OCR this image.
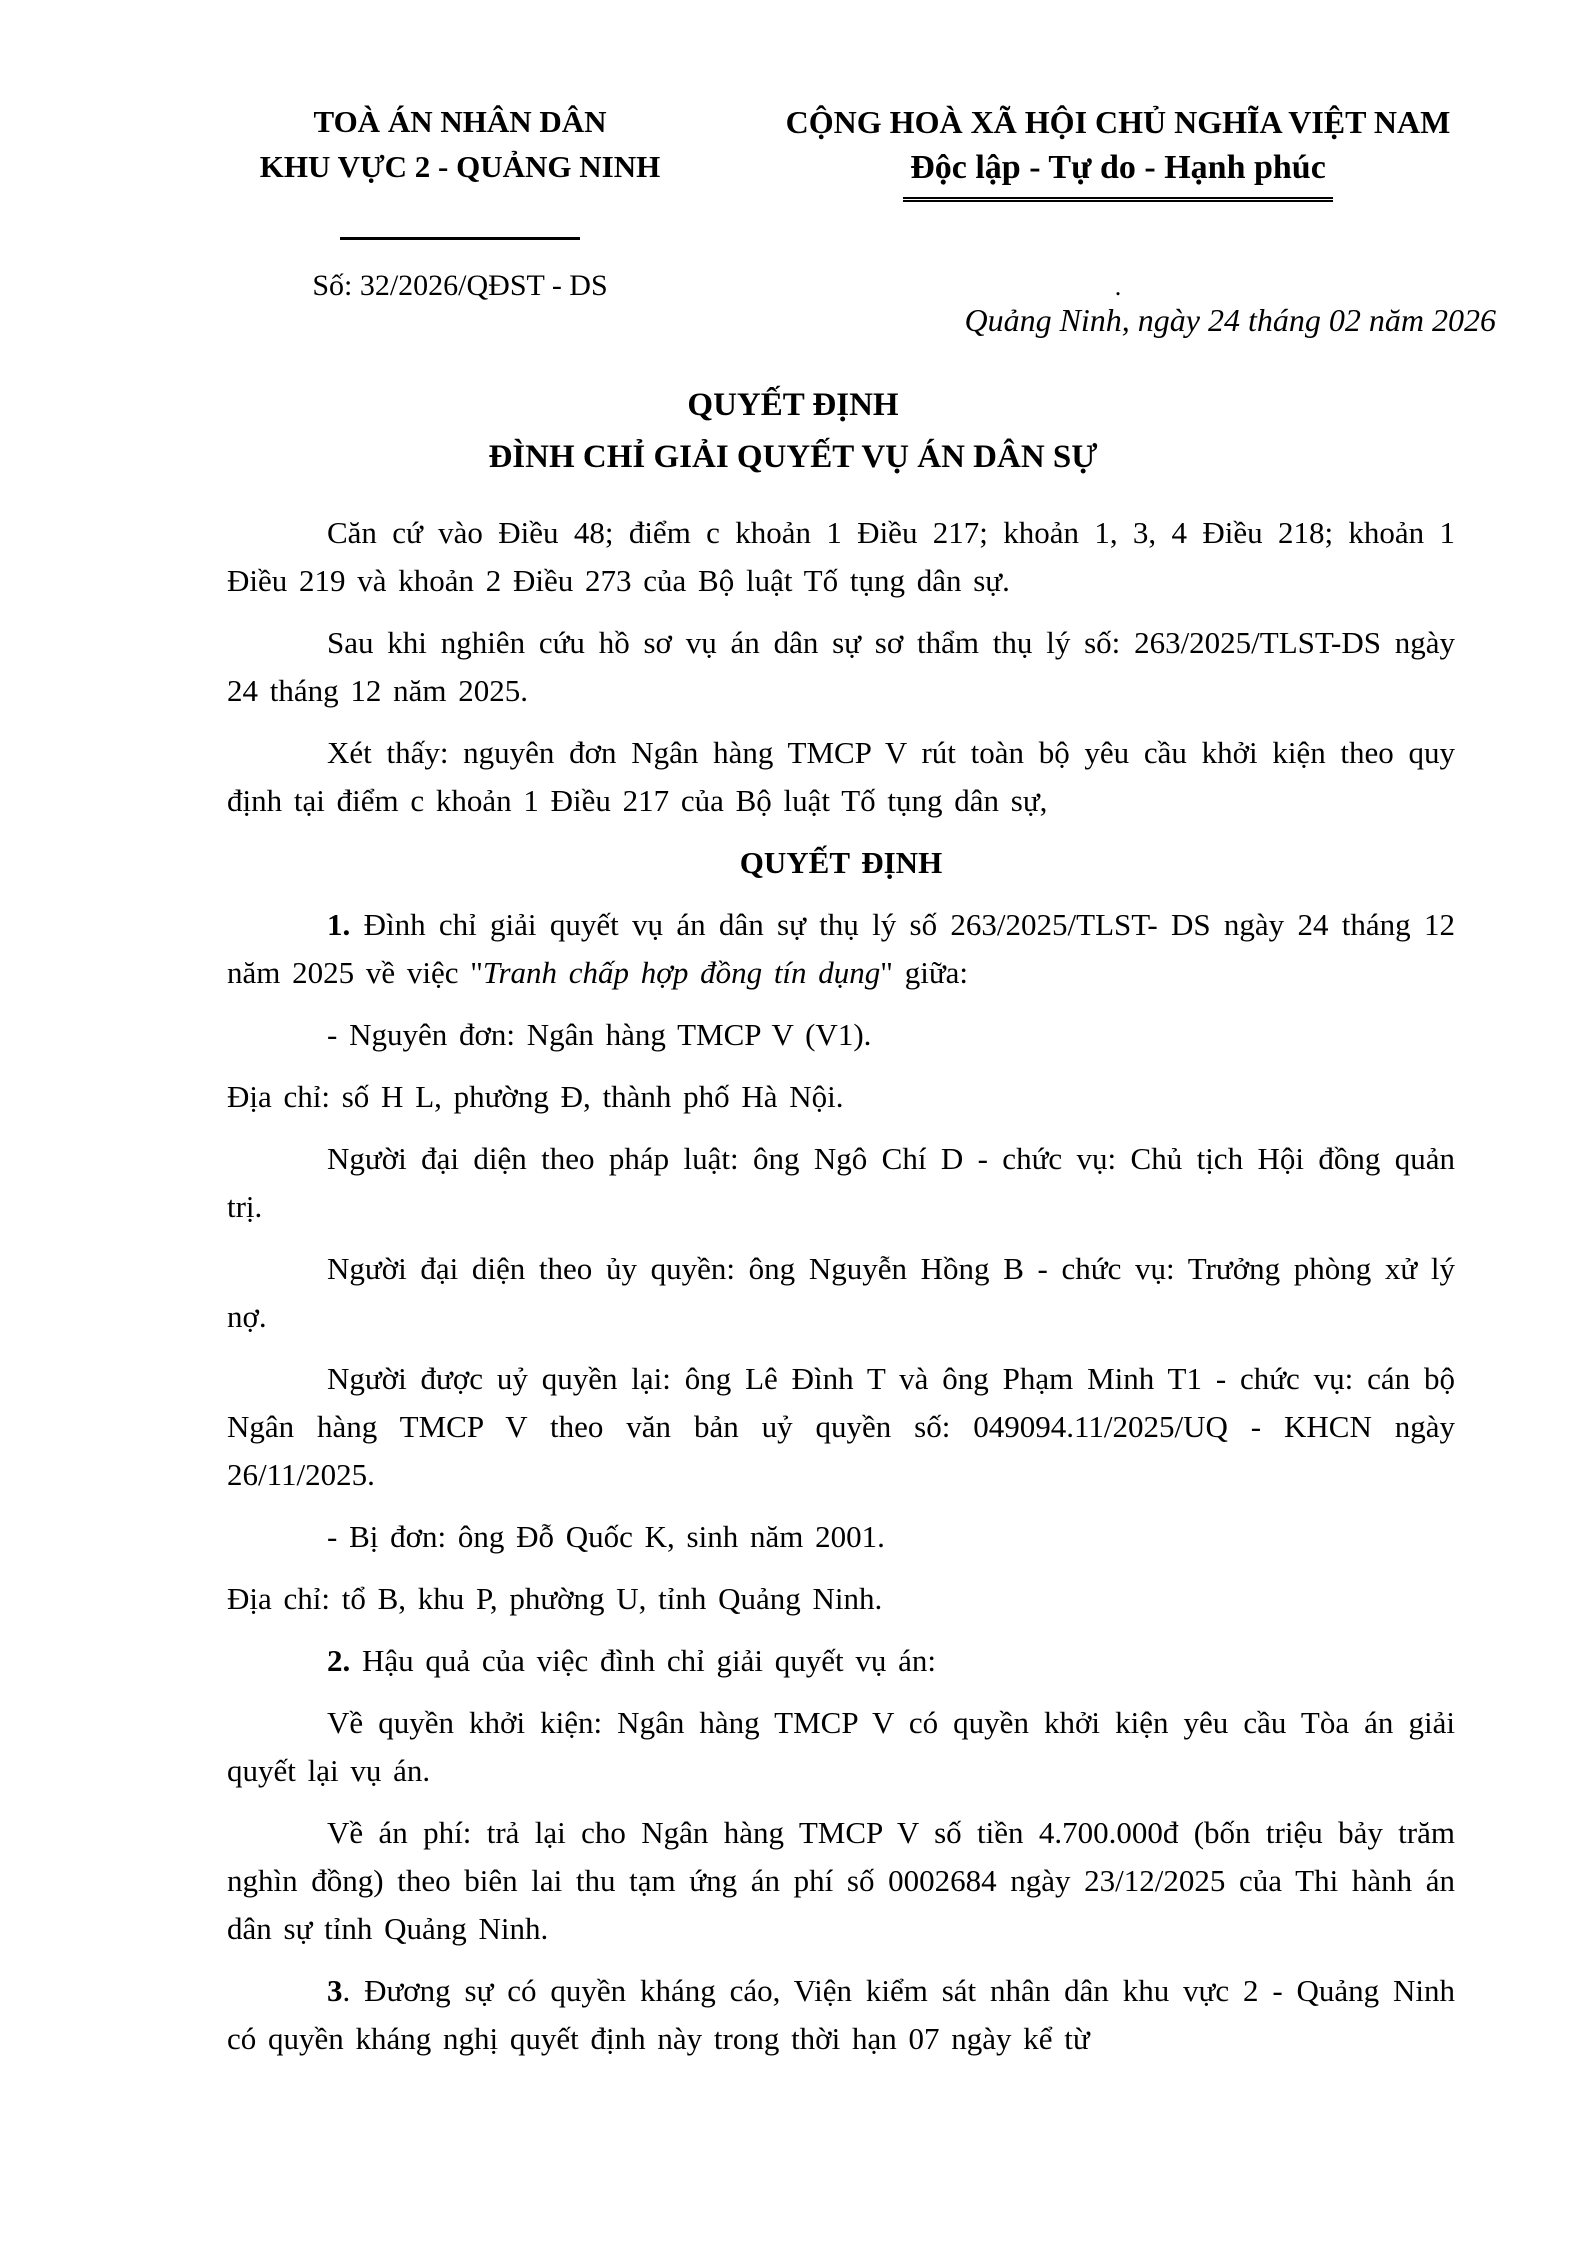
TOÀ ÁN NHÂN DÂN
KHU VỰC 2 - QUẢNG NINH
Số: 32/2026/QĐST - DS
CỘNG HOÀ XÃ HỘI CHỦ NGHĨA VIỆT NAM
Độc lập - Tự do - Hạnh phúc
.
Quảng Ninh, ngày 24 tháng 02 năm 2026
QUYẾT ĐỊNH
ĐÌNH CHỈ GIẢI QUYẾT VỤ ÁN DÂN SỰ

Căn cứ vào Điều 48; điểm c khoản 1 Điều 217; khoản 1, 3, 4 Điều 218; khoản 1 Điều 219 và khoản 2 Điều 273 của Bộ luật Tố tụng dân sự.

Sau khi nghiên cứu hồ sơ vụ án dân sự sơ thẩm thụ lý số: 263/2025/TLST-DS ngày 24 tháng 12 năm 2025.

Xét thấy: nguyên đơn Ngân hàng TMCP V rút toàn bộ yêu cầu khởi kiện theo quy định tại điểm c khoản 1 Điều 217 của Bộ luật Tố tụng dân sự,

QUYẾT ĐỊNH

1. Đình chỉ giải quyết vụ án dân sự thụ lý số 263/2025/TLST- DS ngày 24 tháng 12 năm 2025 về việc "Tranh chấp hợp đồng tín dụng" giữa:

- Nguyên đơn: Ngân hàng TMCP V (V1).

Địa chỉ: số H L, phường Đ, thành phố Hà Nội.

Người đại diện theo pháp luật: ông Ngô Chí D - chức vụ: Chủ tịch Hội đồng quản trị.

Người đại diện theo ủy quyền: ông Nguyễn Hồng B - chức vụ: Trưởng phòng xử lý nợ.

Người được uỷ quyền lại: ông Lê Đình T và ông Phạm Minh T1 - chức vụ: cán bộ Ngân hàng TMCP V theo văn bản uỷ quyền số: 049094.11/2025/UQ - KHCN ngày 26/11/2025.

- Bị đơn: ông Đỗ Quốc K, sinh năm 2001.

Địa chỉ: tổ B, khu P, phường U, tỉnh Quảng Ninh.

2. Hậu quả của việc đình chỉ giải quyết vụ án:

Về quyền khởi kiện: Ngân hàng TMCP V có quyền khởi kiện yêu cầu Tòa án giải quyết lại vụ án.

Về án phí: trả lại cho Ngân hàng TMCP V số tiền 4.700.000đ (bốn triệu bảy trăm nghìn đồng) theo biên lai thu tạm ứng án phí số 0002684 ngày 23/12/2025 của Thi hành án dân sự tỉnh Quảng Ninh.

3. Đương sự có quyền kháng cáo, Viện kiểm sát nhân dân khu vực 2 - Quảng Ninh có quyền kháng nghị quyết định này trong thời hạn 07 ngày kể từ
